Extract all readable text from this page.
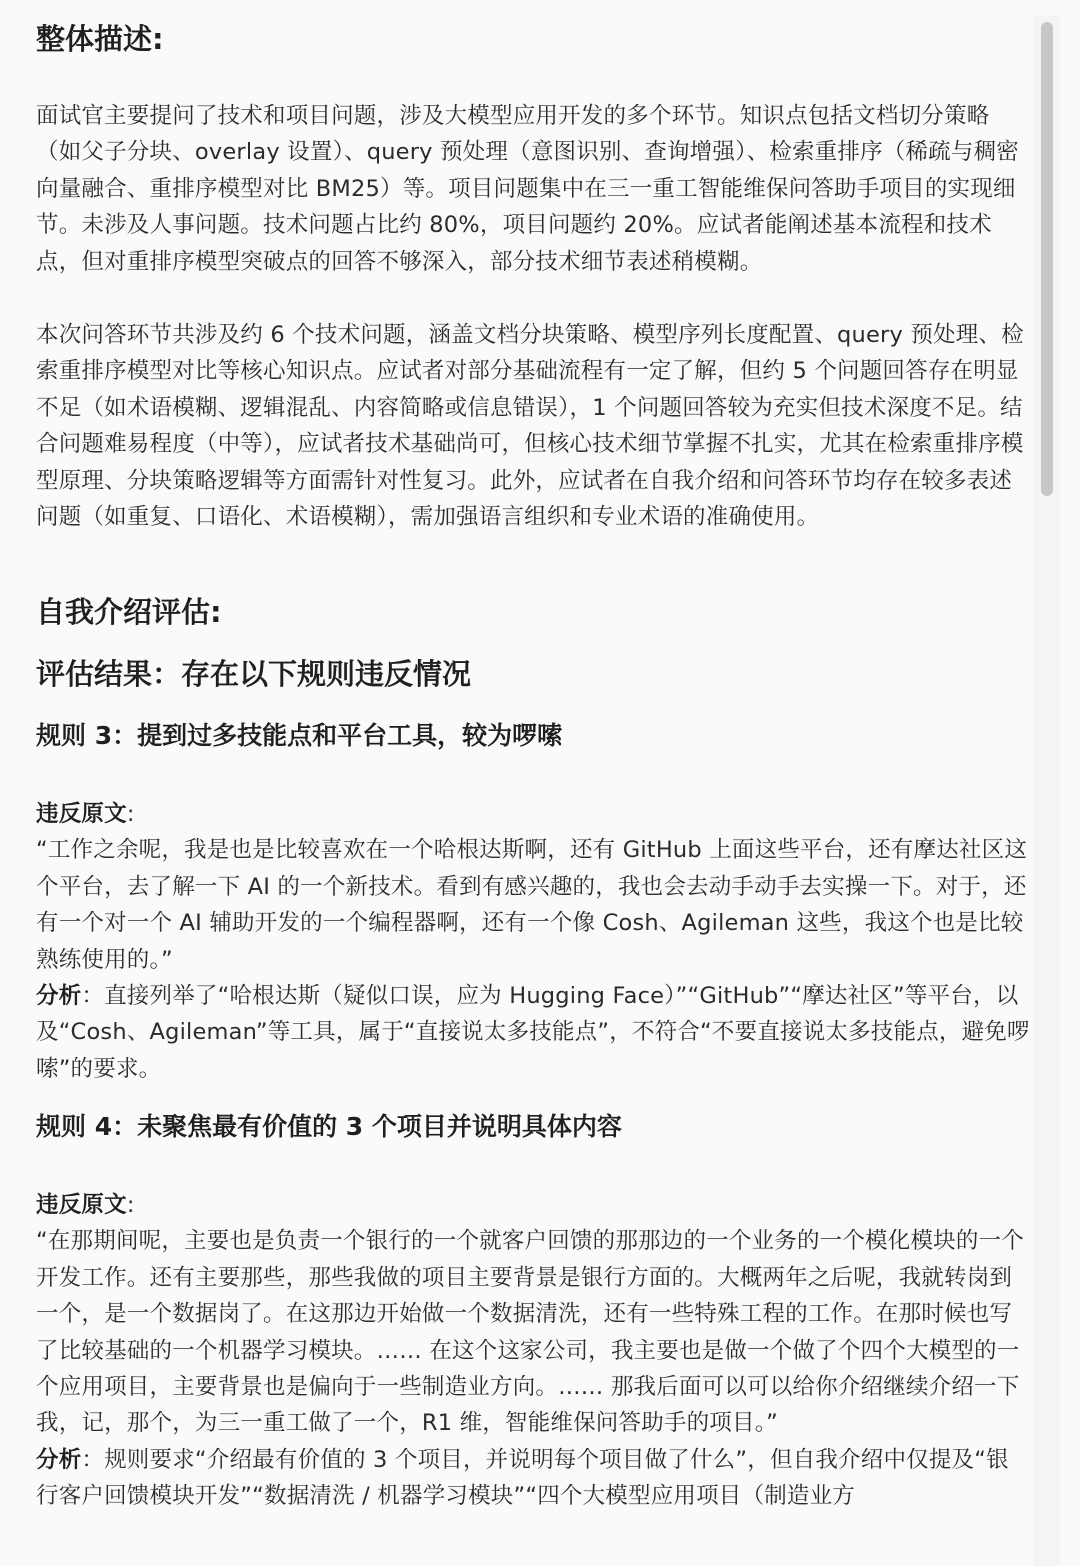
整体描述:

面试官主要提问了技术和项目问题，涉及大模型应用开发的多个环节。知识点包括文档切分策略（如父子分块、overlay 设置）、query 预处理（意图识别、查询增强）、检索重排序（稀疏与稠密向量融合、重排序模型对比 BM25）等。项目问题集中在三一重工智能维保问答助手项目的实现细节。未涉及人事问题。技术问题占比约 80%，项目问题约 20%。应试者能阐述基本流程和技术点，但对重排序模型突破点的回答不够深入，部分技术细节表述稍模糊。

本次问答环节共涉及约 6 个技术问题，涵盖文档分块策略、模型序列长度配置、query 预处理、检索重排序模型对比等核心知识点。应试者对部分基础流程有一定了解，但约 5 个问题回答存在明显不足（如术语模糊、逻辑混乱、内容简略或信息错误），1 个问题回答较为充实但技术深度不足。结合问题难易程度（中等），应试者技术基础尚可，但核心技术细节掌握不扎实，尤其在检索重排序模型原理、分块策略逻辑等方面需针对性复习。此外，应试者在自我介绍和问答环节均存在较多表述问题（如重复、口语化、术语模糊），需加强语言组织和专业术语的准确使用。

自我介绍评估:
评估结果：存在以下规则违反情况
规则 3：提到过多技能点和平台工具，较为啰嗦

违反原文:

“工作之余呢，我是也是比较喜欢在一个哈根达斯啊，还有 GitHub 上面这些平台，还有摩达社区这个平台，去了解一下 AI 的一个新技术。看到有感兴趣的，我也会去动手动手去实操一下。对于，还有一个对一个 AI 辅助开发的一个编程器啊，还有一个像 Cosh、Agileman 这些，我这个也是比较熟练使用的。”

分析：直接列举了“哈根达斯（疑似口误，应为 Hugging Face）”“GitHub”“摩达社区”等平台，以及“Cosh、Agileman”等工具，属于“直接说太多技能点”，不符合“不要直接说太多技能点，避免啰嗦”的要求。

规则 4：未聚焦最有价值的 3 个项目并说明具体内容

违反原文:

“在那期间呢，主要也是负责一个银行的一个就客户回馈的那那边的一个业务的一个模化模块的一个开发工作。还有主要那些，那些我做的项目主要背景是银行方面的。大概两年之后呢，我就转岗到一个，是一个数据岗了。在这那边开始做一个数据清洗，还有一些特殊工程的工作。在那时候也写了比较基础的一个机器学习模块。…… 在这个这家公司，我主要也是做一个做了个四个大模型的一个应用项目，主要背景也是偏向于一些制造业方向。…… 那我后面可以可以给你介绍继续介绍一下我，记，那个，为三一重工做了一个，R1 维，智能维保问答助手的项目。”

分析：规则要求“介绍最有价值的 3 个项目，并说明每个项目做了什么”，但自我介绍中仅提及“银行客户回馈模块开发”“数据清洗 / 机器学习模块”“四个大模型应用项目（制造业方
